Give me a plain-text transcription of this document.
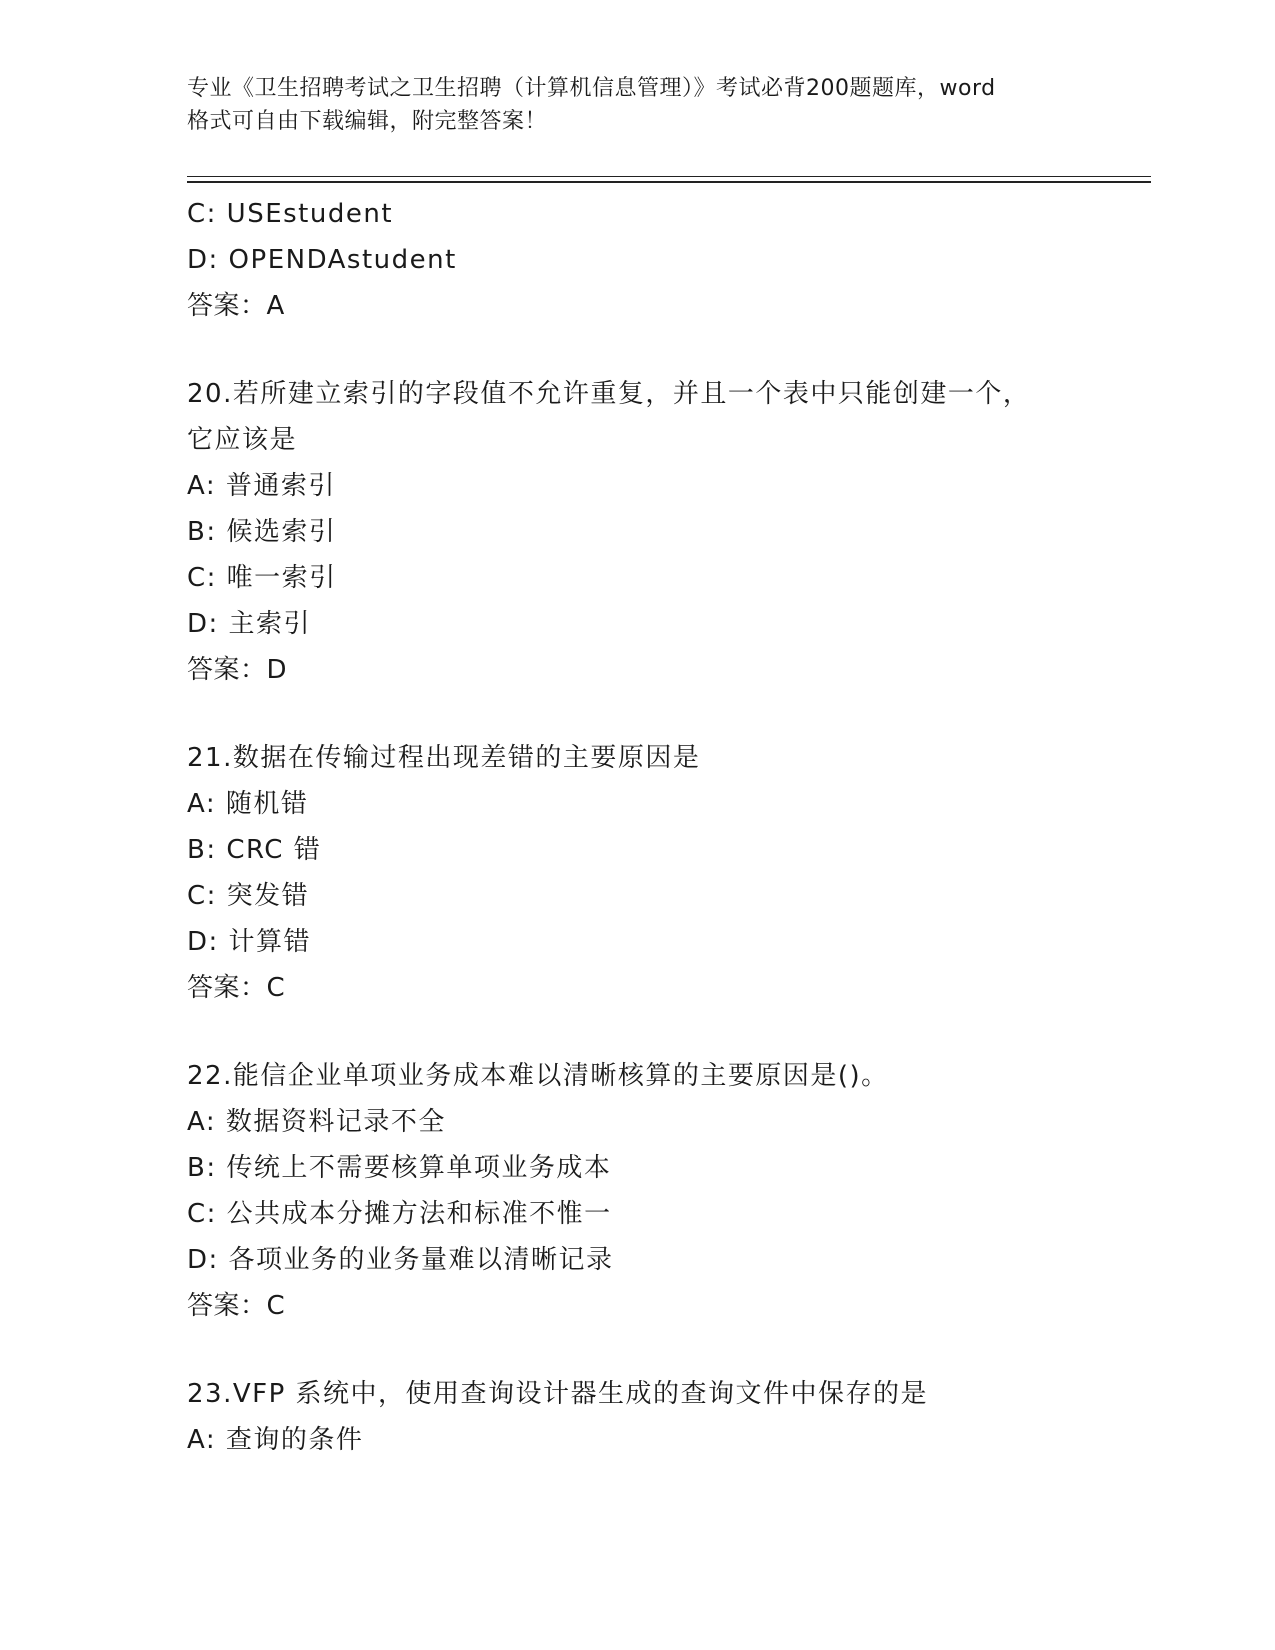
专业《卫生招聘考试之卫生招聘（计算机信息管理）》考试必背200题题库，word
格式可自由下载编辑，附完整答案！
C: USEstudent
D: OPENDAstudent
答案：A
20.若所建立索引的字段值不允许重复，并且一个表中只能创建一个，
它应该是
A: 普通索引
B: 候选索引
C: 唯一索引
D: 主索引
答案：D
21.数据在传输过程出现差错的主要原因是
A: 随机错
B: CRC 错
C: 突发错
D: 计算错
答案：C
22.能信企业单项业务成本难以清晰核算的主要原因是()。
A: 数据资料记录不全
B: 传统上不需要核算单项业务成本
C: 公共成本分摊方法和标准不惟一
D: 各项业务的业务量难以清晰记录
答案：C
23.VFP 系统中，使用查询设计器生成的查询文件中保存的是
A: 查询的条件
